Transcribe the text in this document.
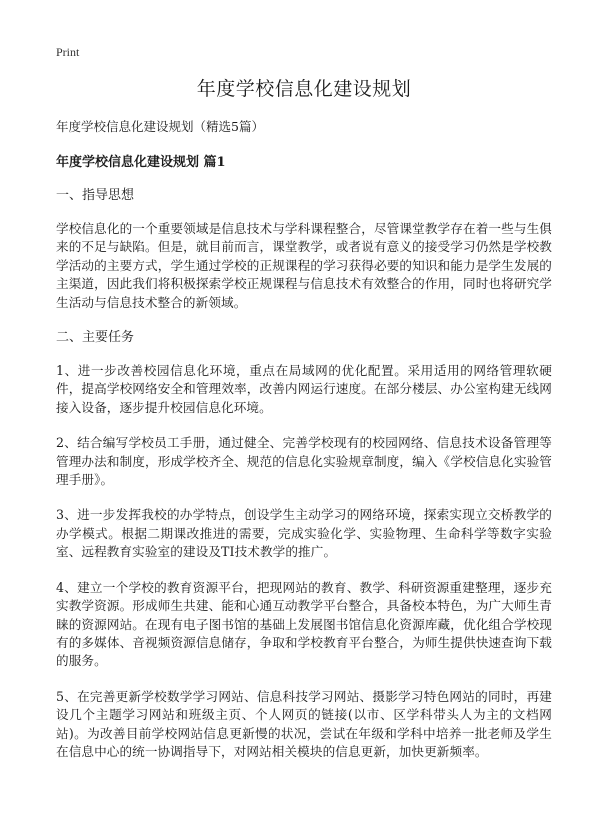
Print
年度学校信息化建设规划
年度学校信息化建设规划（精选5篇）
年度学校信息化建设规划 篇1
一、指导思想

学校信息化的一个重要领域是信息技术与学科课程整合，尽管课堂教学存在着一些与生俱来的不足与缺陷。但是，就目前而言，课堂教学，或者说有意义的接受学习仍然是学校教学活动的主要方式，学生通过学校的正规课程的学习获得必要的知识和能力是学生发展的主渠道，因此我们将积极探索学校正规课程与信息技术有效整合的作用，同时也将研究学生活动与信息技术整合的新领域。

二、主要任务

1、进一步改善校园信息化环境，重点在局域网的优化配置。采用适用的网络管理软硬件，提高学校网络安全和管理效率，改善内网运行速度。在部分楼层、办公室构建无线网接入设备，逐步提升校园信息化环境。

2、结合编写学校员工手册，通过健全、完善学校现有的校园网络、信息技术设备管理等管理办法和制度，形成学校齐全、规范的信息化实验规章制度，编入《学校信息化实验管理手册》。

3、进一步发挥我校的办学特点，创设学生主动学习的网络环境，探索实现立交桥教学的办学模式。根据二期课改推进的需要，完成实验化学、实验物理、生命科学等数字实验室、远程教育实验室的建设及TI技术教学的推广。

4、建立一个学校的教育资源平台，把现网站的教育、教学、科研资源重建整理，逐步充实教学资源。形成师生共建、能和心通互动教学平台整合，具备校本特色，为广大师生青睐的资源网站。在现有电子图书馆的基础上发展图书馆信息化资源库藏，优化组合学校现有的多媒体、音视频资源信息储存，争取和学校教育平台整合，为师生提供快速查询下载的服务。

5、在完善更新学校数学学习网站、信息科技学习网站、摄影学习特色网站的同时，再建设几个主题学习网站和班级主页、个人网页的链接(以市、区学科带头人为主的文档网站)。为改善目前学校网站信息更新慢的状况，尝试在年级和学科中培养一批老师及学生在信息中心的统一协调指导下，对网站相关模块的信息更新，加快更新频率。
